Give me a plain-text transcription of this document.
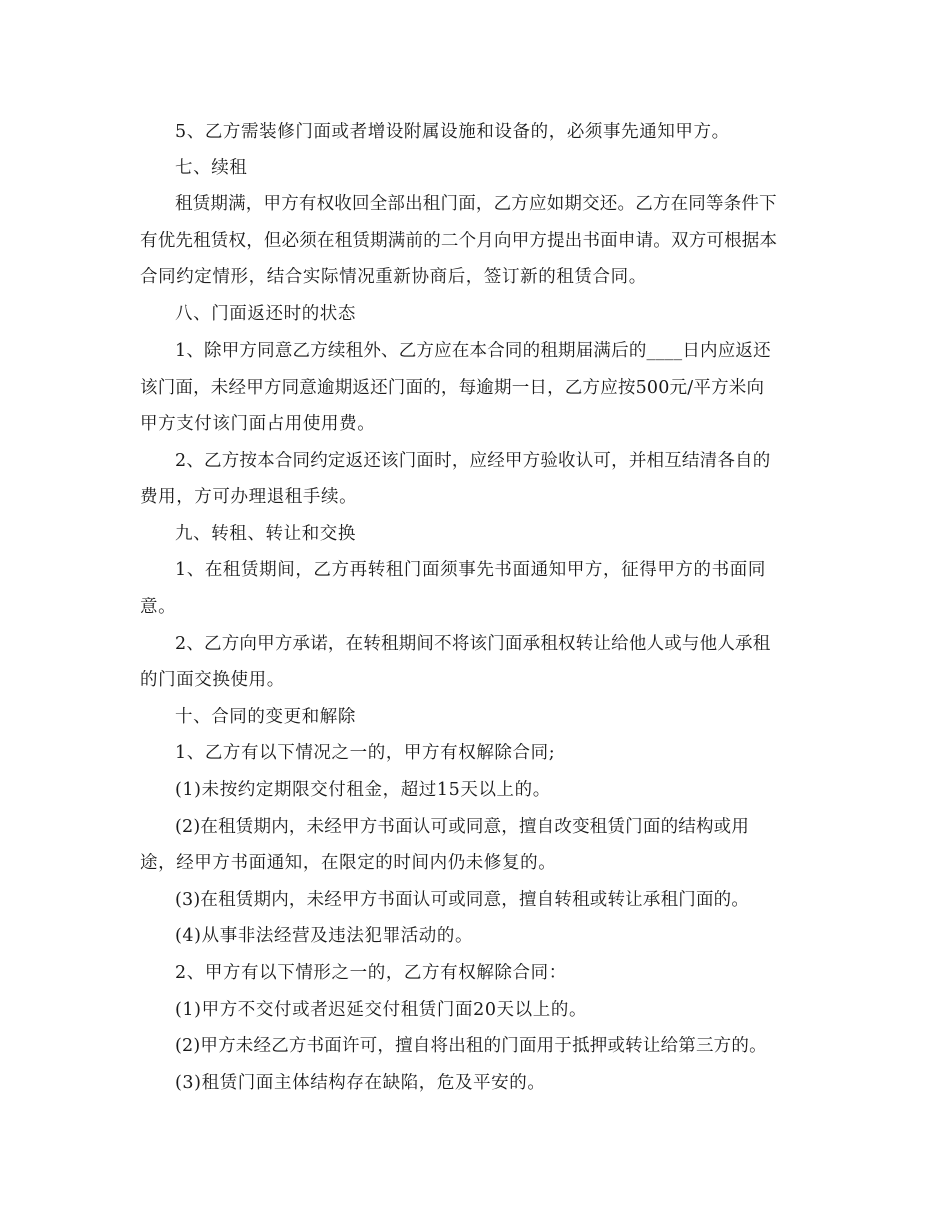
5、乙方需装修门面或者增设附属设施和设备的，必须事先通知甲方。
七、续租
租赁期满，甲方有权收回全部出租门面，乙方应如期交还。乙方在同等条件下
有优先租赁权，但必须在租赁期满前的二个月向甲方提出书面申请。双方可根据本
合同约定情形，结合实际情况重新协商后，签订新的租赁合同。
八、门面返还时的状态
1、除甲方同意乙方续租外、乙方应在本合同的租期届满后的____日内应返还
该门面，未经甲方同意逾期返还门面的，每逾期一日，乙方应按500元/平方米向
甲方支付该门面占用使用费。
2、乙方按本合同约定返还该门面时，应经甲方验收认可，并相互结清各自的
费用，方可办理退租手续。
九、转租、转让和交换
1、在租赁期间，乙方再转租门面须事先书面通知甲方，征得甲方的书面同
意。
2、乙方向甲方承诺，在转租期间不将该门面承租权转让给他人或与他人承租
的门面交换使用。
十、合同的变更和解除
1、乙方有以下情况之一的，甲方有权解除合同;
(1)未按约定期限交付租金，超过15天以上的。
(2)在租赁期内，未经甲方书面认可或同意，擅自改变租赁门面的结构或用
途，经甲方书面通知，在限定的时间内仍未修复的。
(3)在租赁期内，未经甲方书面认可或同意，擅自转租或转让承租门面的。
(4)从事非法经营及违法犯罪活动的。
2、甲方有以下情形之一的，乙方有权解除合同：
(1)甲方不交付或者迟延交付租赁门面20天以上的。
(2)甲方未经乙方书面许可，擅自将出租的门面用于抵押或转让给第三方的。
(3)租赁门面主体结构存在缺陷，危及平安的。
